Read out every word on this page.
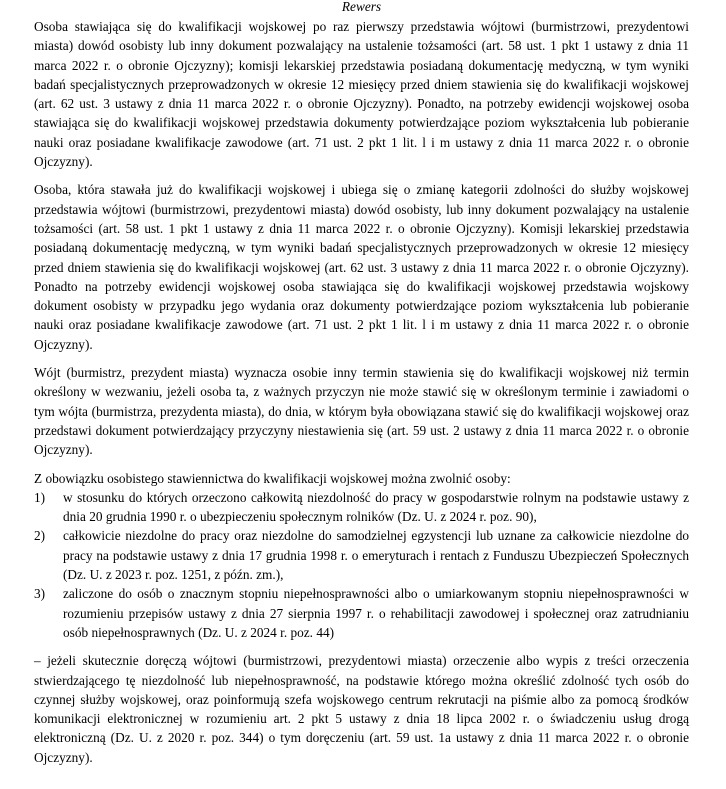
Rewers

Osoba stawiająca się do kwalifikacji wojskowej po raz pierwszy przedstawia wójtowi (burmistrzowi, prezydentowi miasta) dowód osobisty lub inny dokument pozwalający na ustalenie tożsamości (art. 58 ust. 1 pkt 1 ustawy z dnia 11 marca 2022 r. o obronie Ojczyzny); komisji lekarskiej przedstawia posiadaną dokumentację medyczną, w tym wyniki badań specjalistycznych przeprowadzonych w okresie 12 miesięcy przed dniem stawienia się do kwalifikacji wojskowej (art. 62 ust. 3 ustawy z dnia 11 marca 2022 r. o obronie Ojczyzny). Ponadto, na potrzeby ewidencji wojskowej osoba stawiająca się do kwalifikacji wojskowej przedstawia dokumenty potwierdzające poziom wykształcenia lub pobieranie nauki oraz posiadane kwalifikacje zawodowe (art. 71 ust. 2 pkt 1 lit. l i m ustawy z dnia 11 marca 2022 r. o obronie Ojczyzny).

Osoba, która stawała już do kwalifikacji wojskowej i ubiega się o zmianę kategorii zdolności do służby wojskowej przedstawia wójtowi (burmistrzowi, prezydentowi miasta) dowód osobisty, lub inny dokument pozwalający na ustalenie tożsamości (art. 58 ust. 1 pkt 1 ustawy z dnia 11 marca 2022 r. o obronie Ojczyzny). Komisji lekarskiej przedstawia posiadaną dokumentację medyczną, w tym wyniki badań specjalistycznych przeprowadzonych w okresie 12 miesięcy przed dniem stawienia się do kwalifikacji wojskowej (art. 62 ust. 3 ustawy z dnia 11 marca 2022 r. o obronie Ojczyzny). Ponadto na potrzeby ewidencji wojskowej osoba stawiająca się do kwalifikacji wojskowej przedstawia wojskowy dokument osobisty w przypadku jego wydania oraz dokumenty potwierdzające poziom wykształcenia lub pobieranie nauki oraz posiadane kwalifikacje zawodowe (art. 71 ust. 2 pkt 1 lit. l i m ustawy z dnia 11 marca 2022 r. o obronie Ojczyzny).

Wójt (burmistrz, prezydent miasta) wyznacza osobie inny termin stawienia się do kwalifikacji wojskowej niż termin określony w wezwaniu, jeżeli osoba ta, z ważnych przyczyn nie może stawić się w określonym terminie i zawiadomi o tym wójta (burmistrza, prezydenta miasta), do dnia, w którym była obowiązana stawić się do kwalifikacji wojskowej oraz przedstawi dokument potwierdzający przyczyny niestawienia się (art. 59 ust. 2 ustawy z dnia 11 marca 2022 r. o obronie Ojczyzny).

Z obowiązku osobistego stawiennictwa do kwalifikacji wojskowej można zwolnić osoby:

1)	w stosunku do których orzeczono całkowitą niezdolność do pracy w gospodarstwie rolnym na podstawie ustawy z dnia 20 grudnia 1990 r. o ubezpieczeniu społecznym rolników (Dz. U. z 2024 r. poz. 90),
2)	całkowicie niezdolne do pracy oraz niezdolne do samodzielnej egzystencji lub uznane za całkowicie niezdolne do pracy na podstawie ustawy z dnia 17 grudnia 1998 r. o emeryturach i rentach z Funduszu Ubezpieczeń Społecznych (Dz. U. z 2023 r. poz. 1251, z późn. zm.),
3)	zaliczone do osób o znacznym stopniu niepełnosprawności albo o umiarkowanym stopniu niepełnosprawności w rozumieniu przepisów ustawy z dnia 27 sierpnia 1997 r. o rehabilitacji zawodowej i społecznej oraz zatrudnianiu osób niepełnosprawnych (Dz. U. z 2024 r. poz. 44)

– jeżeli skutecznie doręczą wójtowi (burmistrzowi, prezydentowi miasta) orzeczenie albo wypis z treści orzeczenia stwierdzającego tę niezdolność lub niepełnosprawność, na podstawie którego można określić zdolność tych osób do czynnej służby wojskowej, oraz poinformują szefa wojskowego centrum rekrutacji na piśmie albo za pomocą środków komunikacji elektronicznej w rozumieniu art. 2 pkt 5 ustawy z dnia 18 lipca 2002 r. o świadczeniu usług drogą elektroniczną (Dz. U. z 2020 r. poz. 344) o tym doręczeniu (art. 59 ust. 1a ustawy z dnia 11 marca 2022 r. o obronie Ojczyzny).
